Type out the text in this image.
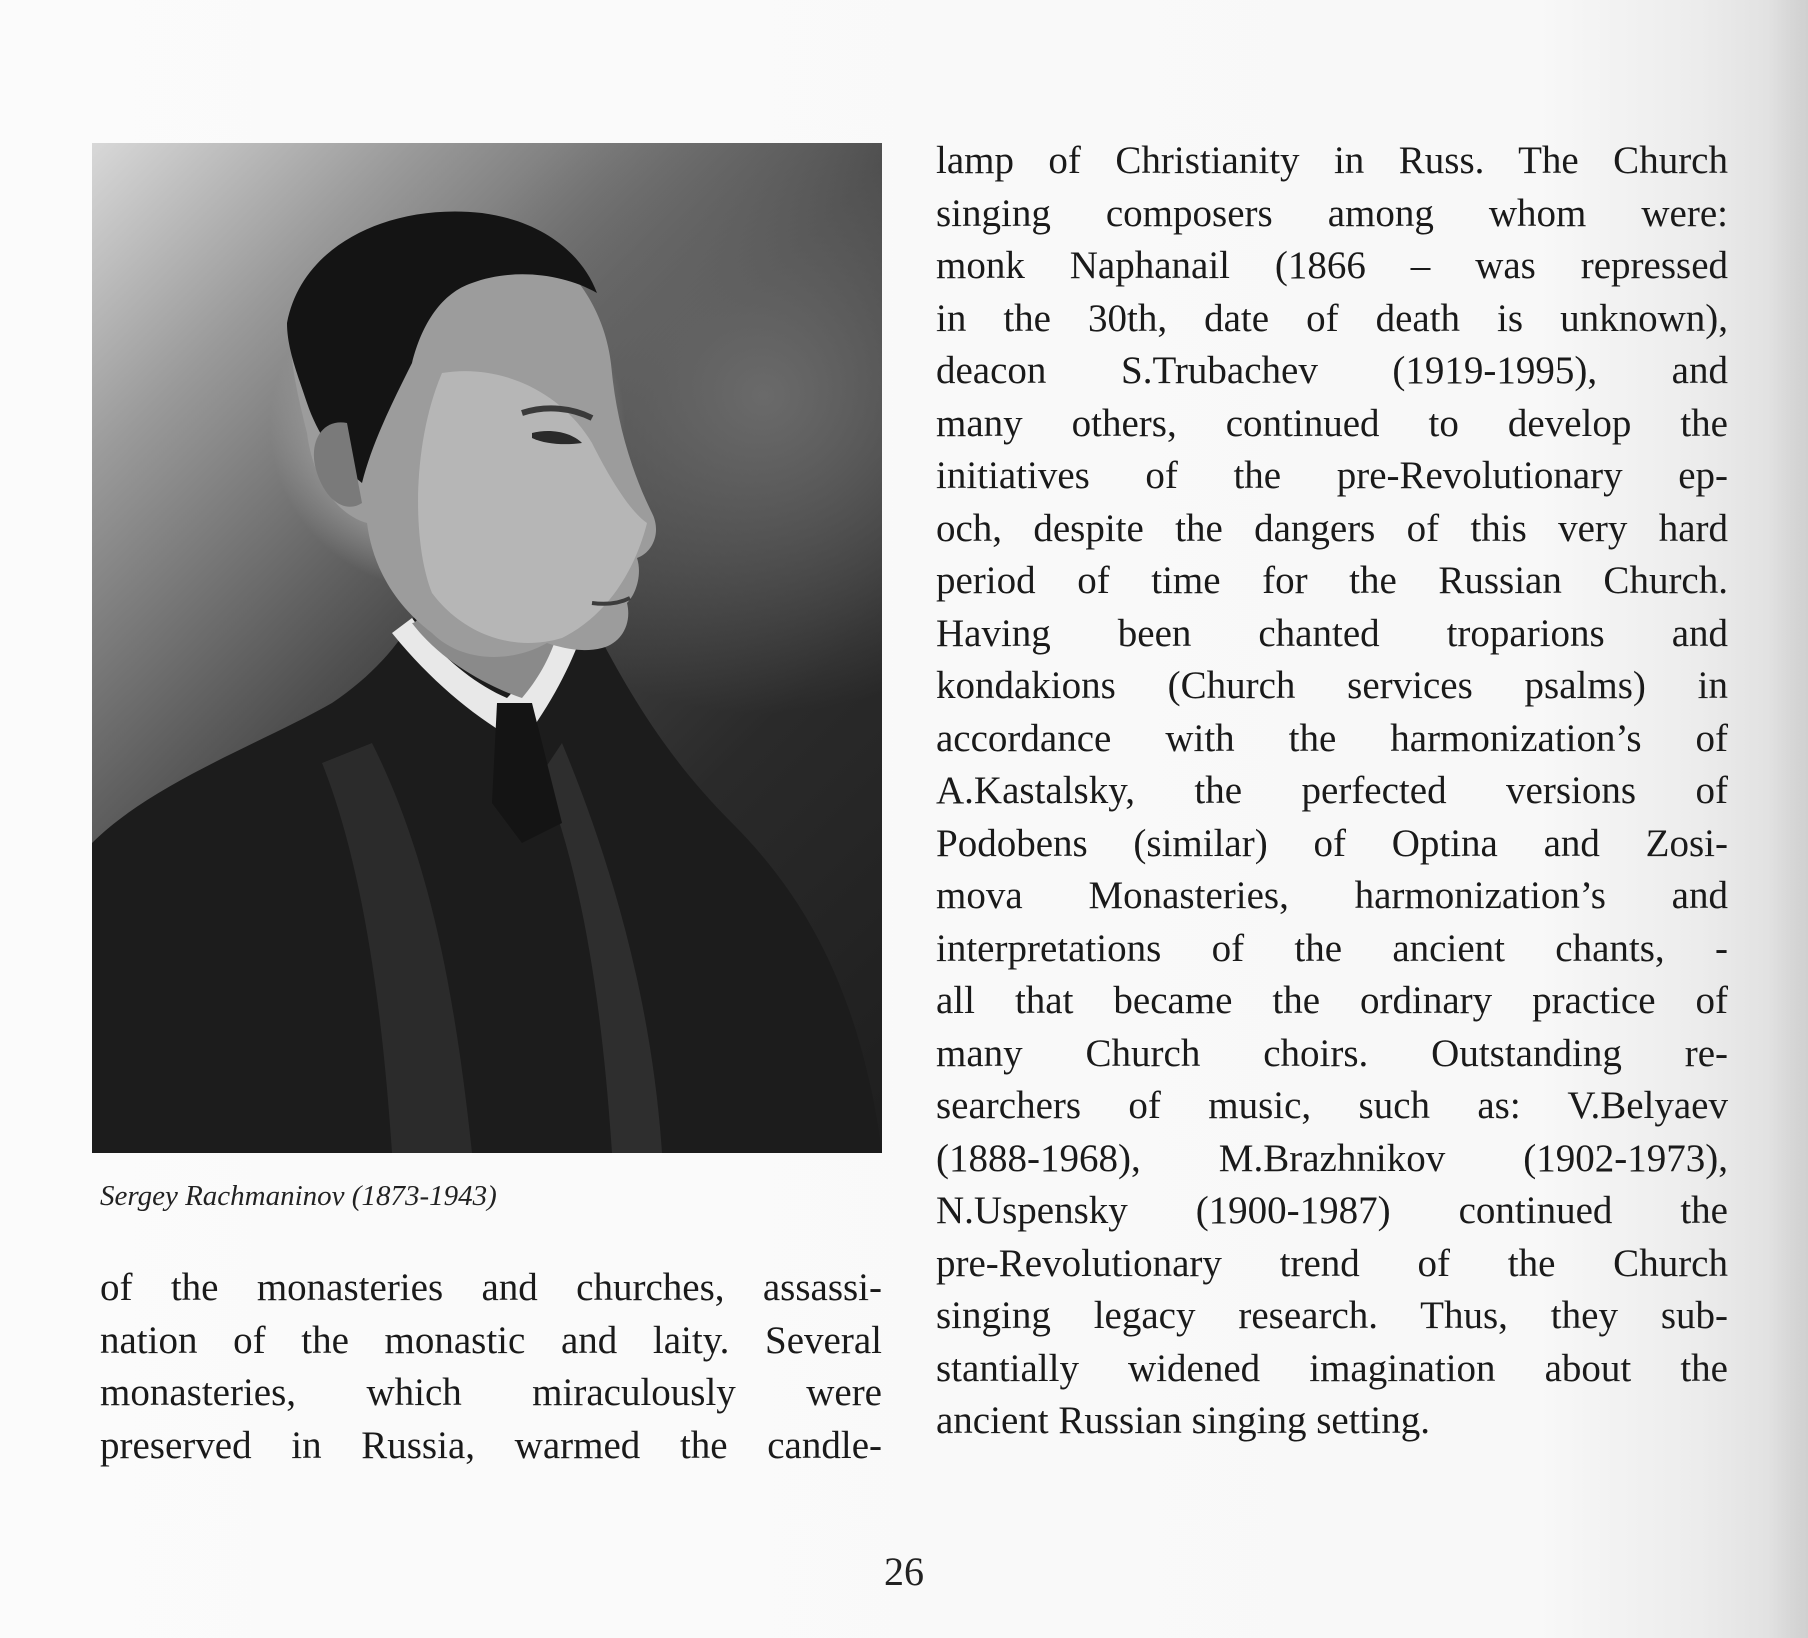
Sergey Rachmaninov (1873-1943)
of the monasteries and churches, assassi-
nation of the monastic and laity. Several
monasteries, which miraculously were
preserved in Russia, warmed the candle-
lamp of Christianity in Russ. The Church
singing composers among whom were:
monk Naphanail (1866 – was repressed
in the 30th, date of death is unknown),
deacon S.Trubachev (1919-1995), and
many others, continued to develop the
initiatives of the pre-Revolutionary ep-
och, despite the dangers of this very hard
period of time for the Russian Church.
Having been chanted troparions and
kondakions (Church services psalms) in
accordance with the harmonization’s of
A.Kastalsky, the perfected versions of
Podobens (similar) of Optina and Zosi-
mova Monasteries, harmonization’s and
interpretations of the ancient chants, -
all that became the ordinary practice of
many Church choirs. Outstanding re-
searchers of music, such as: V.Belyaev
(1888-1968), M.Brazhnikov (1902-1973),
N.Uspensky (1900-1987) continued the
pre-Revolutionary trend of the Church
singing legacy research. Thus, they sub-
stantially widened imagination about the
ancient Russian singing setting.
26
